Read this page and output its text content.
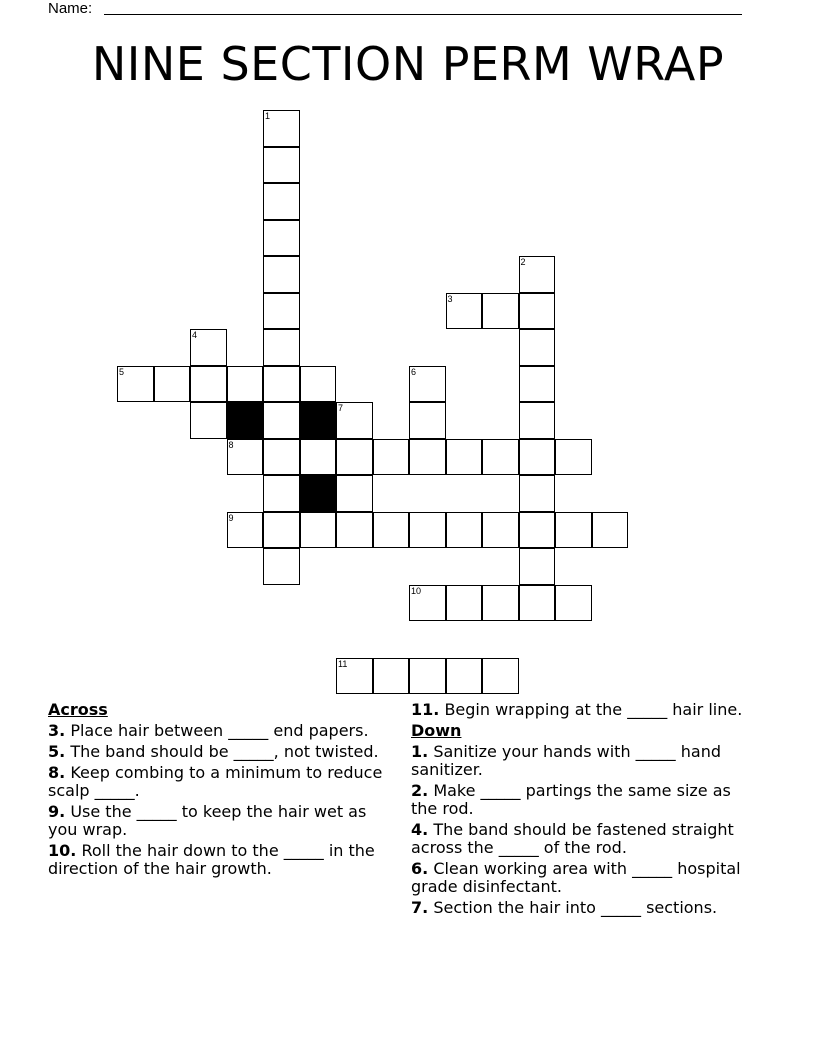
Name:
NINE SECTION PERM WRAP
1
2
3
4
5	6
7
8
9
10
11
Across
3. Place hair between _____ end papers.
5. The band should be _____, not twisted.
8. Keep combing to a minimum to reduce scalp _____.
9. Use the _____ to keep the hair wet as you wrap.
10. Roll the hair down to the _____ in the direction of the hair growth.
11. Begin wrapping at the _____ hair line.
Down
1. Sanitize your hands with _____ hand sanitizer.
2. Make _____ partings the same size as the rod.
4. The band should be fastened straight across the _____ of the rod.
6. Clean working area with _____ hospital grade disinfectant.
7. Section the hair into _____ sections.
